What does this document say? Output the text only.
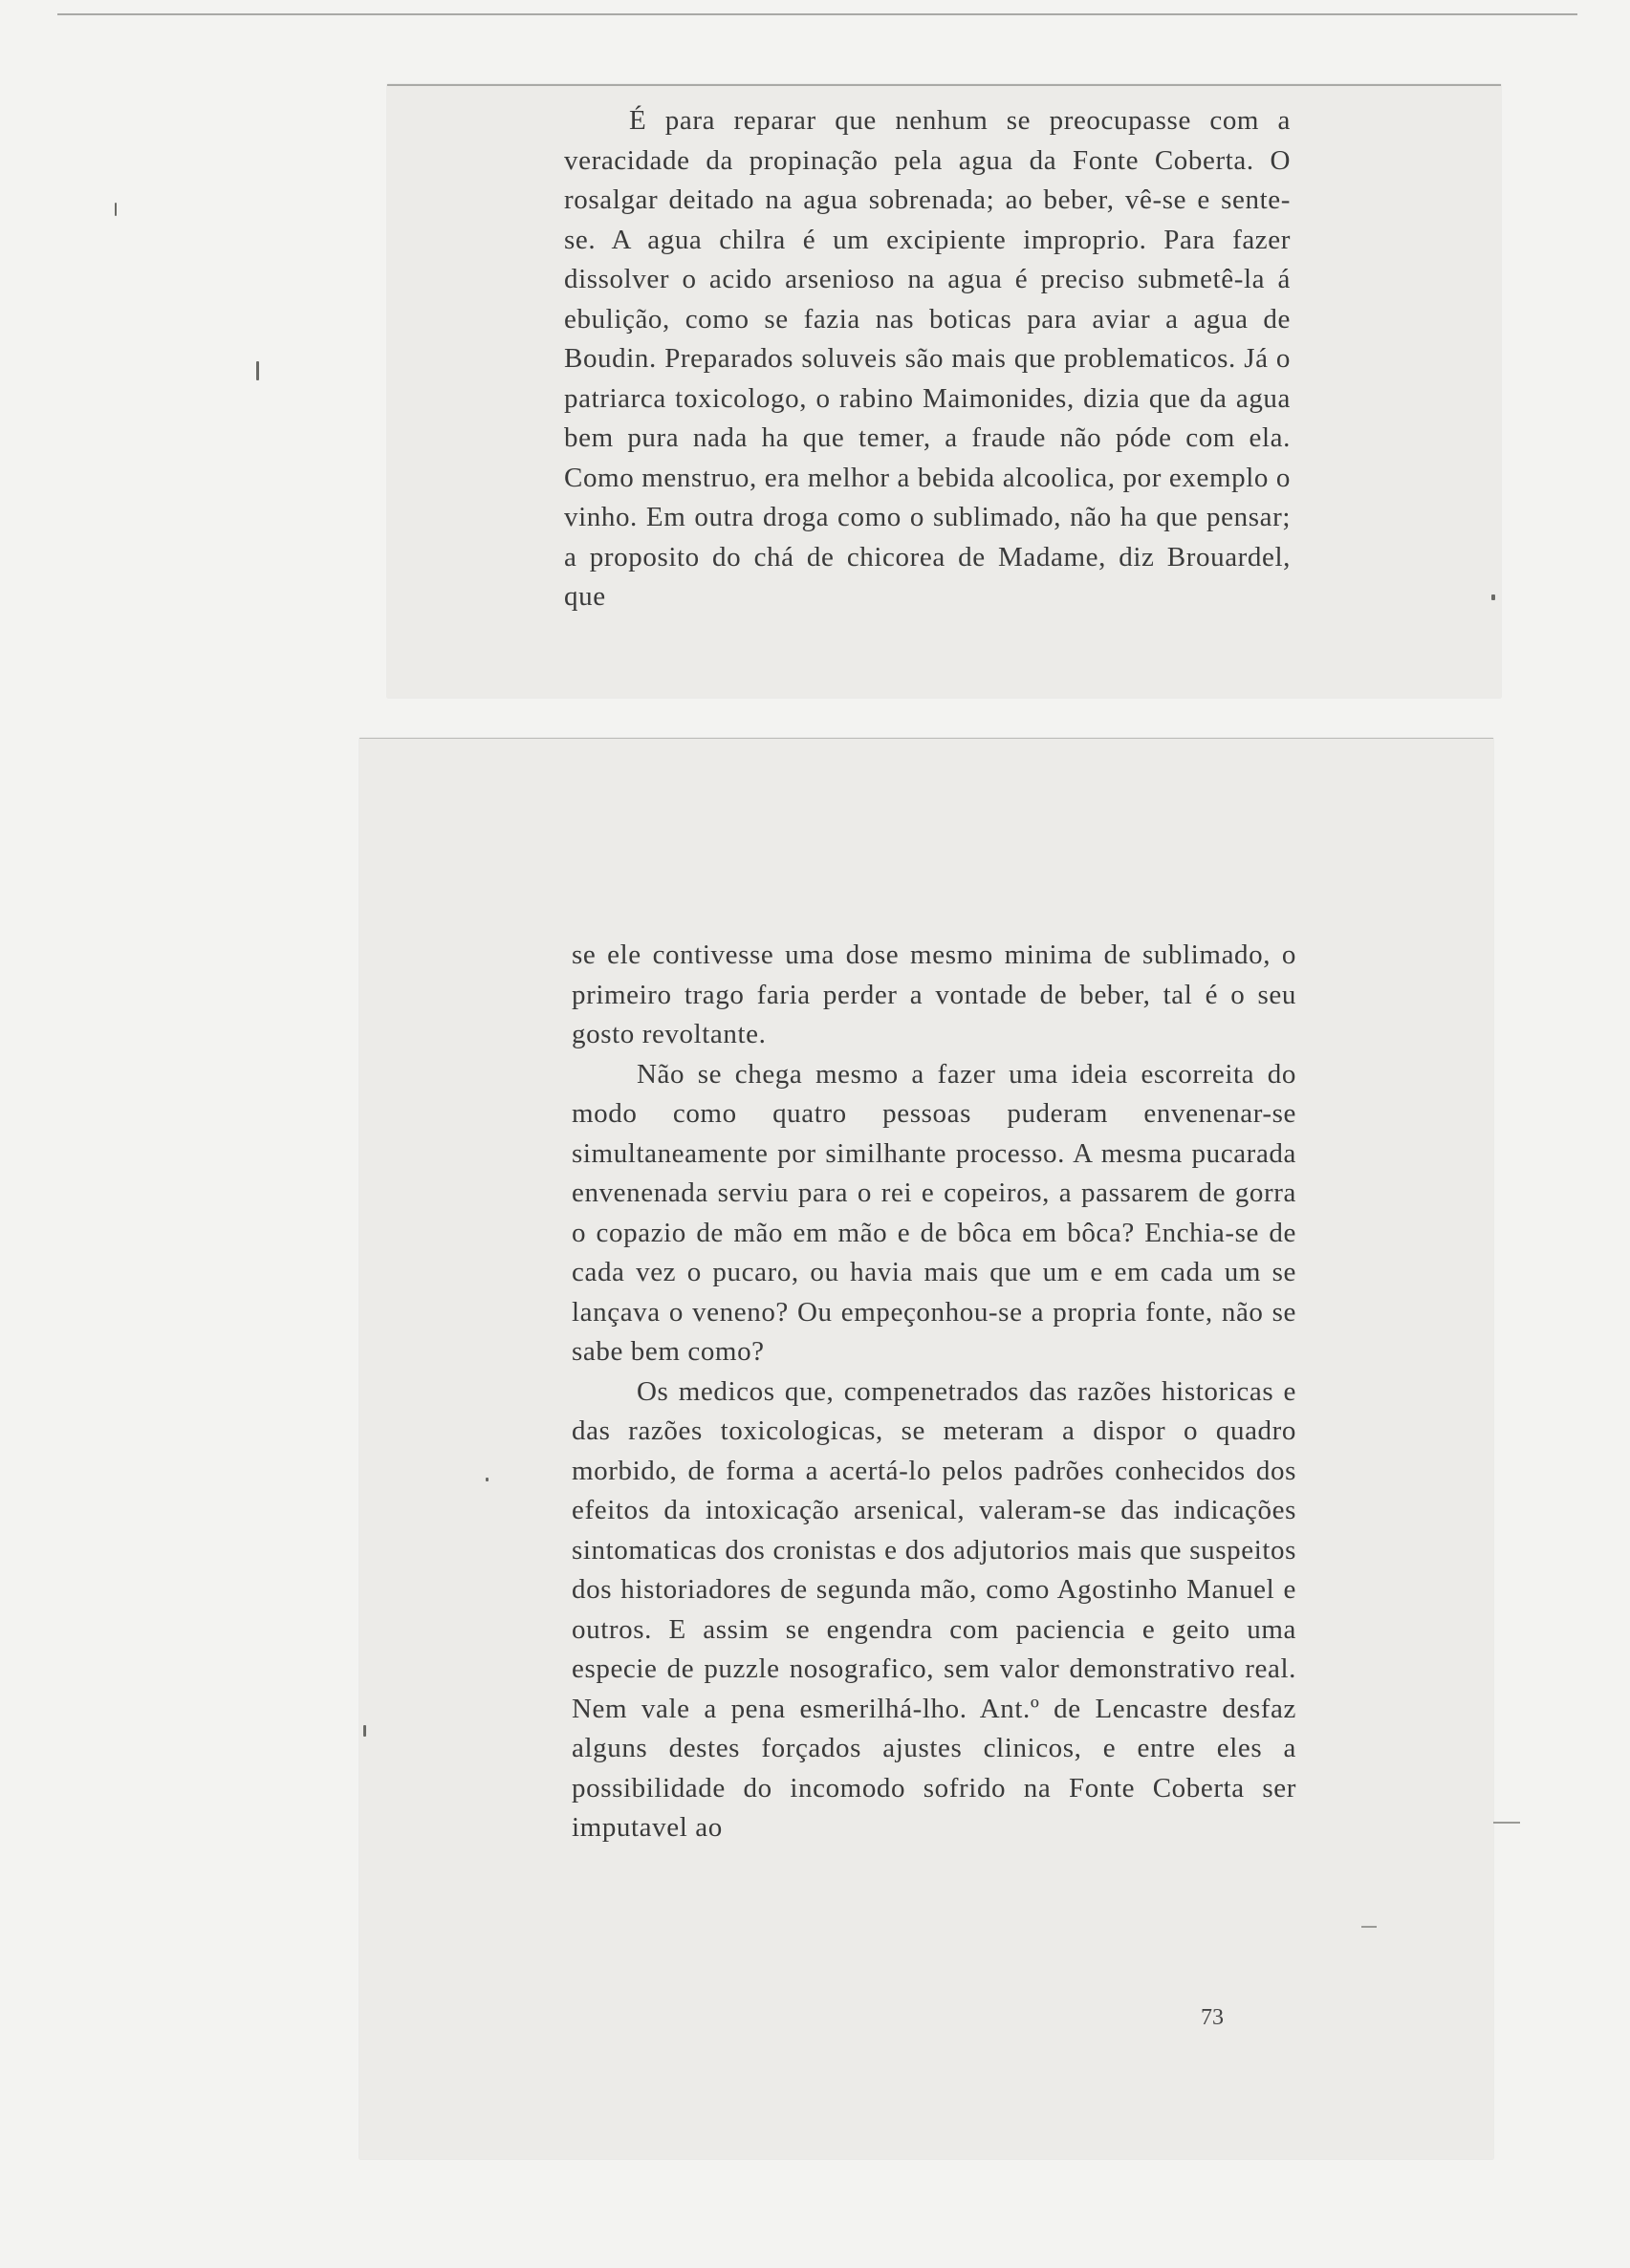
É para reparar que nenhum se preocupasse com a veracidade da propinação pela agua da Fonte Coberta. O rosalgar deitado na agua sobrenada; ao beber, vê-se e sente-se. A agua chilra é um excipiente improprio. Para fazer dissolver o acido arsenioso na agua é preciso submetê-la á ebulição, como se fazia nas boticas para aviar a agua de Boudin. Preparados soluveis são mais que problematicos. Já o patriarca toxicologo, o rabino Maimonides, dizia que da agua bem pura nada ha que temer, a fraude não póde com ela. Como menstruo, era melhor a bebida alcoolica, por exemplo o vinho. Em outra droga como o sublimado, não ha que pensar; a proposito do chá de chicorea de Madame, diz Brouardel, que

se ele contivesse uma dose mesmo minima de sublimado, o primeiro trago faria perder a vontade de beber, tal é o seu gosto revoltante.

Não se chega mesmo a fazer uma ideia escorreita do modo como quatro pessoas puderam envenenar-se simultaneamente por similhante processo. A mesma pucarada envenenada serviu para o rei e copeiros, a passarem de gorra o copazio de mão em mão e de bôca em bôca? Enchia-se de cada vez o pucaro, ou havia mais que um e em cada um se lançava o veneno? Ou empeçonhou-se a propria fonte, não se sabe bem como?

Os medicos que, compenetrados das razões historicas e das razões toxicologicas, se meteram a dispor o quadro morbido, de forma a acertá-lo pelos padrões conhecidos dos efeitos da intoxicação arsenical, valeram-se das indicações sintomaticas dos cronistas e dos adjutorios mais que suspeitos dos historiadores de segunda mão, como Agostinho Manuel e outros. E assim se engendra com paciencia e geito uma especie de puzzle nosografico, sem valor demonstrativo real. Nem vale a pena esmerilhá-lho. Ant.º de Lencastre desfaz alguns destes forçados ajustes clinicos, e entre eles a possibilidade do incomodo sofrido na Fonte Coberta ser imputavel ao

73
